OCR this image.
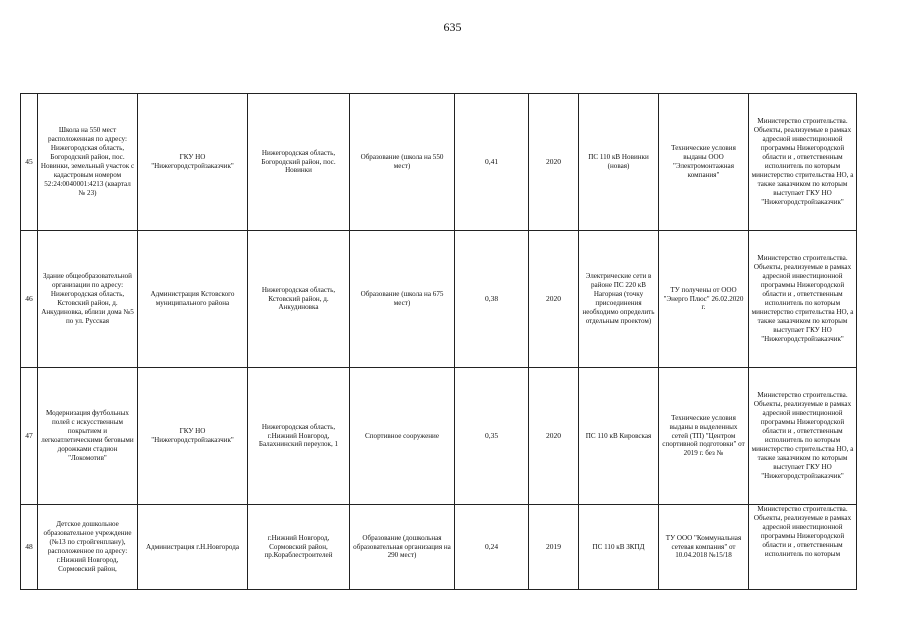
635
45	Школа на 550 мест расположенная по адресу: Нижегородская область, Богородский район, пос. Новинки, земельный участок с кадастровым номером 52:24:0040001:4213 (квартал № 23)	ГКУ НО "Нижегородстройзаказчик"	Нижегородская область, Богородский район, пос. Новинки	Образование (школа на 550 мест)	0,41	2020	ПС 110 кВ Новинки (новая)	Технические условия выданы ООО "Электромонтажная компания"	Министерство строительства. Объекты, реализуемые в рамках адресной инвестиционной программы Нижегородской области и , ответственным исполнитель по которым министерство стрительства НО, а также заказчиком по которым выступает ГКУ НО "Нижегородстройзаказчик"
46	Здание общеобразовательной организации по адресу: Нижегородская область, Кстовский район, д. Анкудиновка, вблизи дома №5 по ул. Русская	Администрация Кстовского муниципального района	Нижегородская область, Кстовский район, д. Анкудиновка	Образование (школа на 675 мест)	0,38	2020	Электрические сети в районе ПС 220 кВ Нагорная (точку присоединения необходимо определить отдельным проектом)	ТУ получены от ООО "Энерго Плюс" 26.02.2020 г.	Министерство строительства. Объекты, реализуемые в рамках адресной инвестиционной программы Нижегородской области и , ответственным исполнитель по которым министерство стрительства НО, а также заказчиком по которым выступает ГКУ НО "Нижегородстройзаказчик"
47	Модернизация футбольных полей с искусственным покрытием и легкоатлетическими беговыми дорожками стадион "Локомотив"	ГКУ НО "Нижегородстройзаказчик"	Нижегородская область, г.Нижний Новгород, Балахнинский переулок, 1	Спортивное сооружение	0,35	2020	ПС 110 кВ Кировская	Технические условия выданы в выделенных сетей (ТП) "Центром спортивной подготовки" от 2019 г. без №	Министерство строительства. Объекты, реализуемые в рамках адресной инвестиционной программы Нижегородской области и , ответственным исполнитель по которым министерство стрительства НО, а также заказчиком по которым выступает ГКУ НО "Нижегородстройзаказчик"
48	Детское дошкольное образовательное учреждение (№13 по стройгенплану), расположенное по адресу: г.Нижний Новгород, Сормовский район,	Администрация г.Н.Новгорода	г.Нижний Новгород, Сормовский район, пр.Кораблестроителей	Образование (дошкольная образовательная организация на 290 мест)	0,24	2019	ПС 110 кВ ЗКПД	ТУ ООО "Коммунальная сетевая компания" от 10.04.2018 №15/18	Министерство строительства. Объекты, реализуемые в рамках адресной инвестиционной программы Нижегородской области и , ответственным исполнитель по которым
